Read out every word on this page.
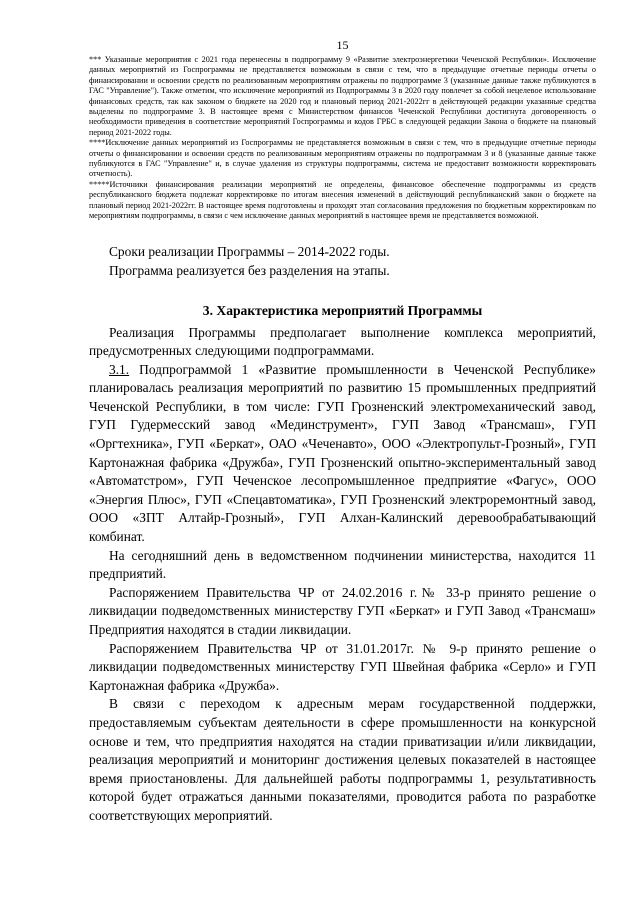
15

*** Указанные мероприятия с 2021 года перенесены в подпрограмму 9 «Развитие электроэнергетики Чеченской Республики». Исключение данных мероприятий из Госпрограммы не представляется возможным в связи с тем, что в предыдущие отчетные периоды отчеты о финансировании и освоении средств по реализованным мероприятиям отражены по подпрограмме 3 (указанные данные также публикуются в ГАС "Управление"). Также отметим, что исключение мероприятий из Подпрограммы 3 в 2020 году повлечет за собой нецелевое использование финансовых средств, так как законом о бюджете на 2020 год и плановый период 2021-2022гг в действующей редакции указанные средства выделены по подпрограмме 3. В настоящее время с Министерством финансов Чеченской Республики достигнута договоренность о необходимости приведения в соответствие мероприятий Госпрограммы и кодов ГРБС в следующей редакции Закона о бюджете на плановый период 2021-2022 годы.

****Исключение данных мероприятий из Госпрограммы не представляется возможным в связи с тем, что в предыдущие отчетные периоды отчеты о финансировании и освоении средств по реализованным мероприятиям отражены по подпрограммам 3 и 8 (указанные данные также публикуются в ГАС "Управление" и, в случае удаления из структуры подпрограммы, система не предоставит возможности корректировать отчетность).

*****Источники финансирования реализации мероприятий не определены, финансовое обеспечение подпрограммы из средств республиканского бюджета подлежат корректировке по итогам внесения изменений в действующий республиканский закон о бюджете на плановый период 2021-2022гг. В настоящее время подготовлены и проходят этап согласования предложения по бюджетным корректировкам по мероприятиям подпрограммы, в связи с чем исключение данных мероприятий в настоящее время не представляется возможной.

Сроки реализации Программы – 2014-2022 годы.

Программа реализуется без разделения на этапы.

3. Характеристика мероприятий Программы

Реализация Программы предполагает выполнение комплекса мероприятий, предусмотренных следующими подпрограммами.

3.1. Подпрограммой 1 «Развитие промышленности в Чеченской Республике» планировалась реализация мероприятий по развитию 15 промышленных предприятий Чеченской Республики, в том числе: ГУП Грозненский электромеханический завод, ГУП Гудермесский завод «Мединструмент», ГУП Завод «Трансмаш», ГУП «Оргтехника», ГУП «Беркат», ОАО «Чеченавто», ООО «Электропульт-Грозный», ГУП Картонажная фабрика «Дружба», ГУП Грозненский опытно-экспериментальный завод «Автоматстром», ГУП Чеченское лесопромышленное предприятие «Фагус», ООО «Энергия Плюс», ГУП «Спецавтоматика», ГУП Грозненский электроремонтный завод, ООО «ЗПТ Алтайр-Грозный», ГУП Алхан-Калинский деревообрабатывающий комбинат.

На сегодняшний день в ведомственном подчинении министерства, находится 11 предприятий.

Распоряжением Правительства ЧР от 24.02.2016 г.№ 33-р принято решение о ликвидации подведомственных министерству ГУП «Беркат» и ГУП Завод «Трансмаш» Предприятия находятся в стадии ликвидации.

Распоряжением Правительства ЧР от 31.01.2017г. № 9-р принято решение о ликвидации подведомственных министерству ГУП Швейная фабрика «Серло» и ГУП Картонажная фабрика «Дружба».

В связи с переходом к адресным мерам государственной поддержки, предоставляемым субъектам деятельности в сфере промышленности на конкурсной основе и тем, что предприятия находятся на стадии приватизации и/или ликвидации, реализация мероприятий и мониторинг достижения целевых показателей в настоящее время приостановлены. Для дальнейшей работы подпрограммы 1, результативность которой будет отражаться данными показателями, проводится работа по разработке соответствующих мероприятий.
